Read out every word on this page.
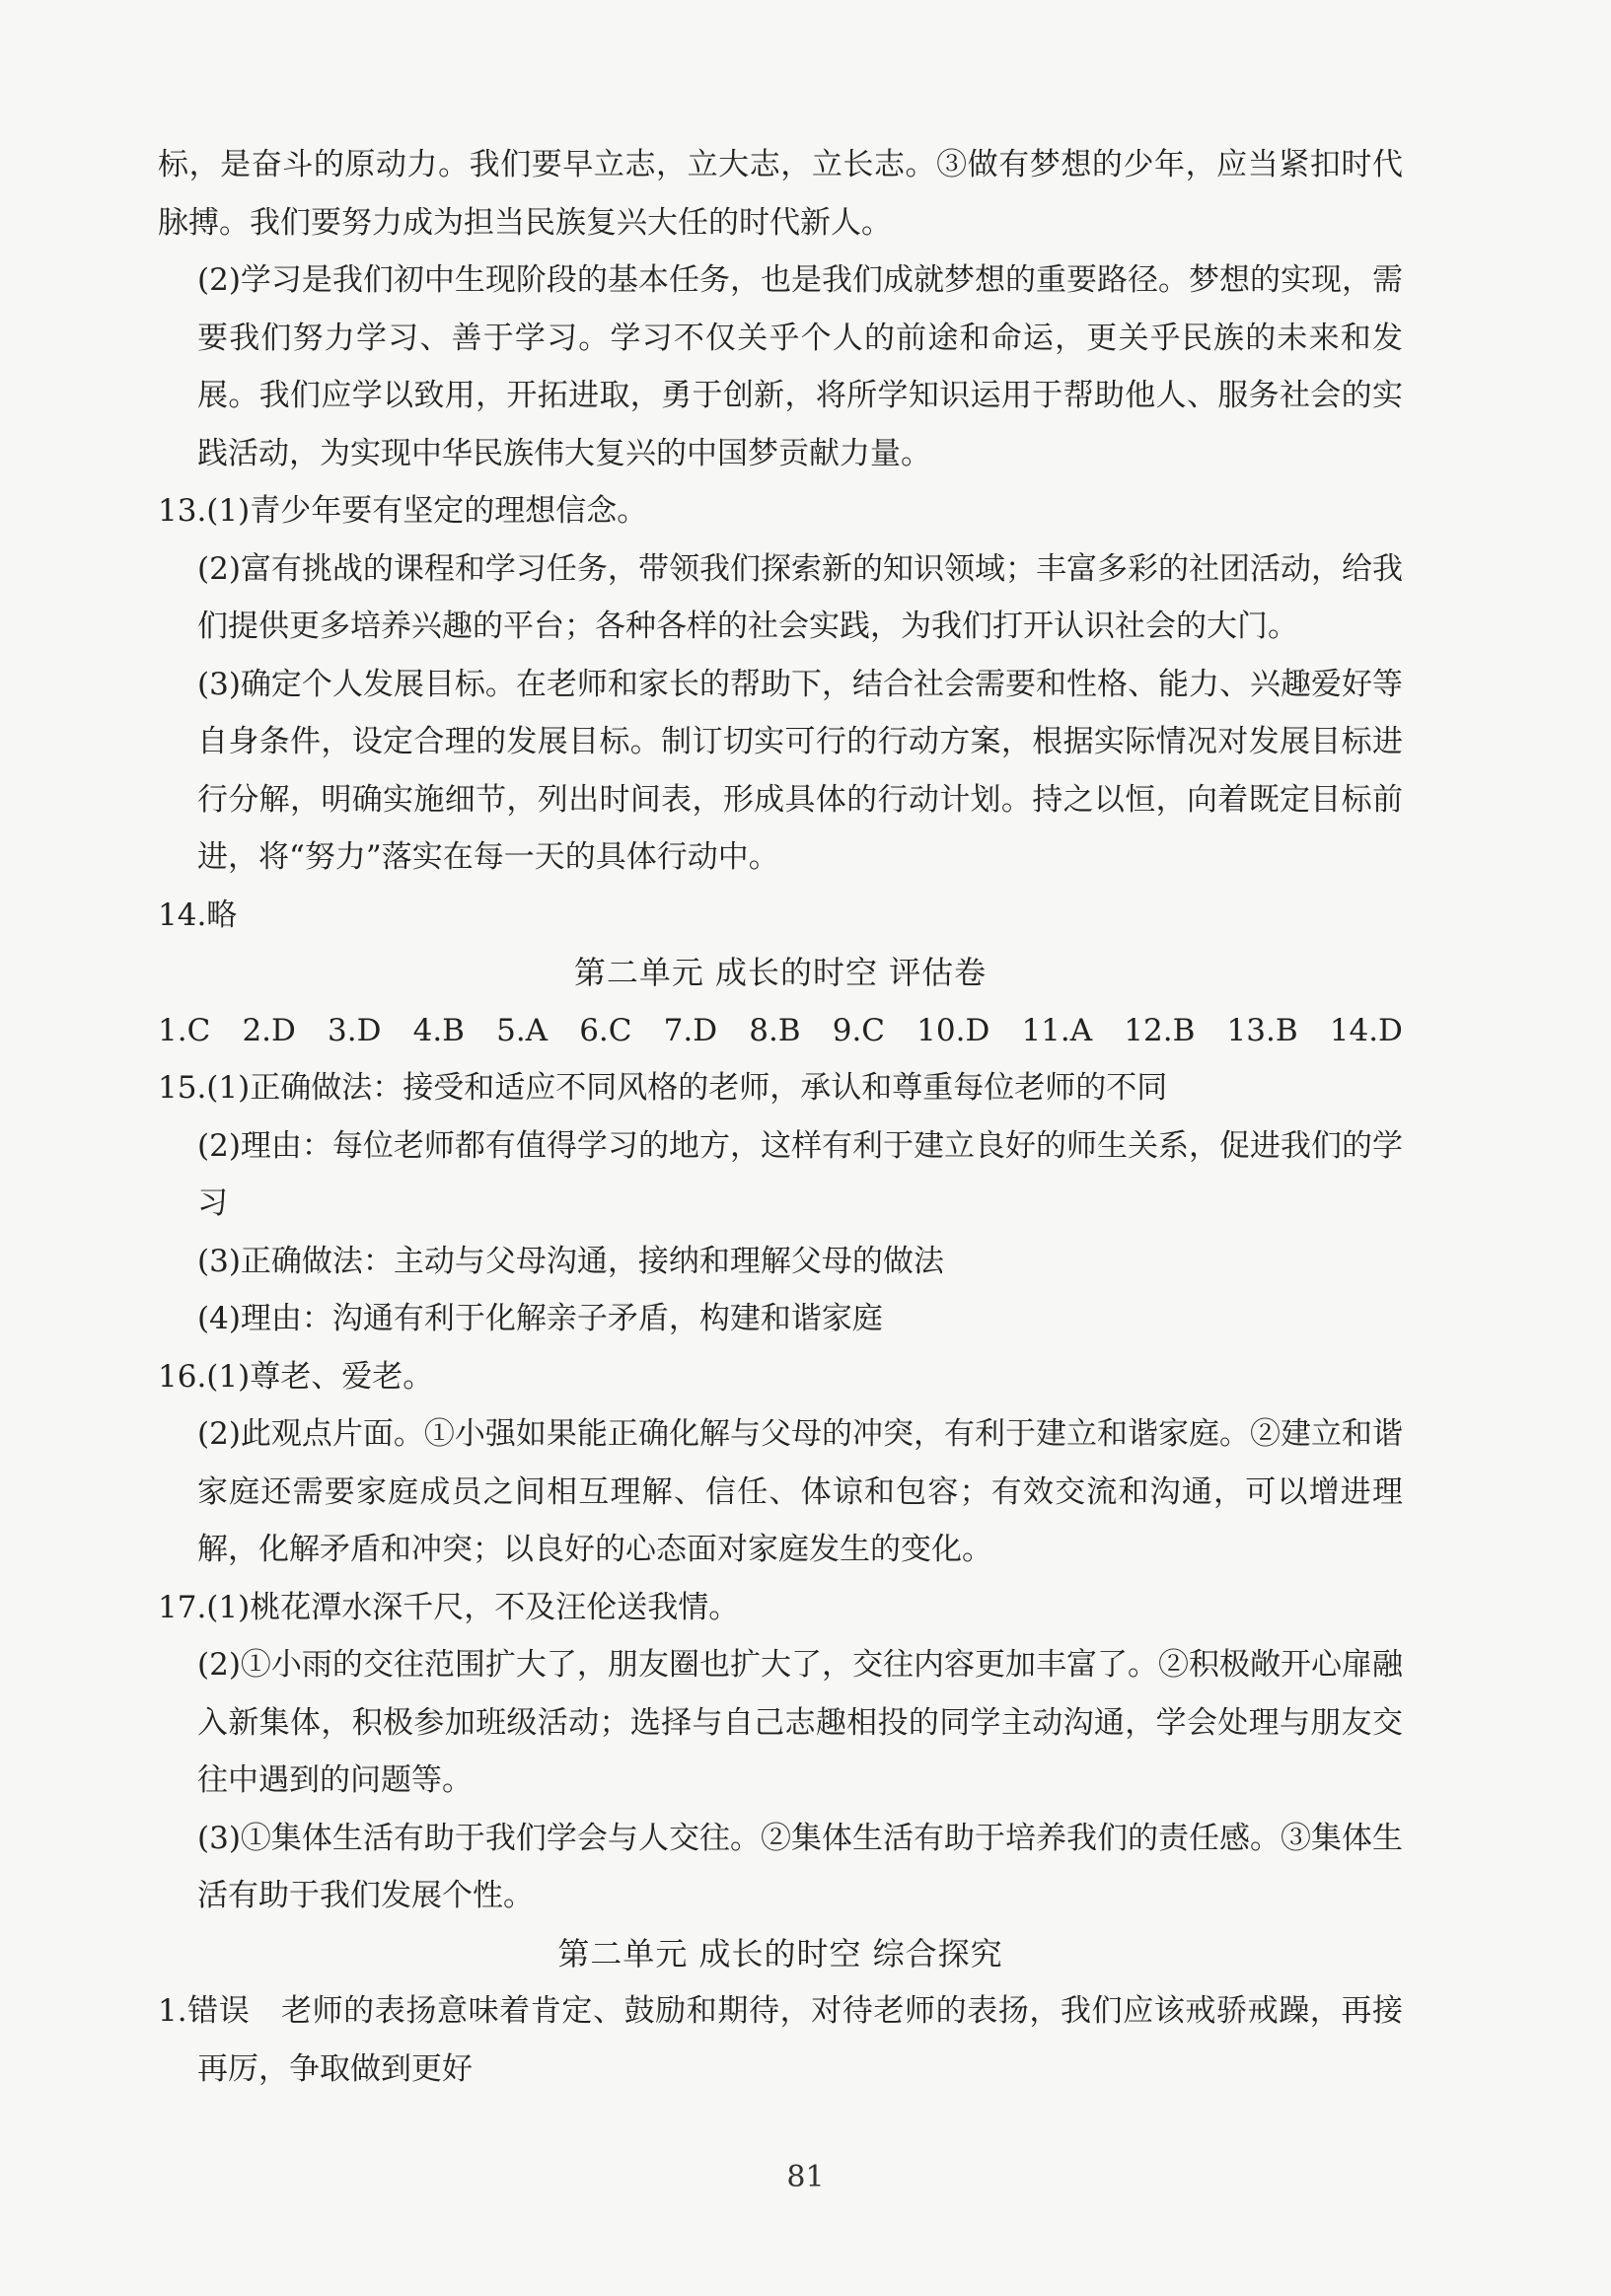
标，是奋斗的原动力。我们要早立志，立大志，立长志。③做有梦想的少年，应当紧扣时代脉搏。我们要努力成为担当民族复兴大任的时代新人。

(2)学习是我们初中生现阶段的基本任务，也是我们成就梦想的重要路径。梦想的实现，需要我们努力学习、善于学习。学习不仅关乎个人的前途和命运，更关乎民族的未来和发展。我们应学以致用，开拓进取，勇于创新，将所学知识运用于帮助他人、服务社会的实践活动，为实现中华民族伟大复兴的中国梦贡献力量。

13.(1)青少年要有坚定的理想信念。

(2)富有挑战的课程和学习任务，带领我们探索新的知识领域；丰富多彩的社团活动，给我们提供更多培养兴趣的平台；各种各样的社会实践，为我们打开认识社会的大门。

(3)确定个人发展目标。在老师和家长的帮助下，结合社会需要和性格、能力、兴趣爱好等自身条件，设定合理的发展目标。制订切实可行的行动方案，根据实际情况对发展目标进行分解，明确实施细节，列出时间表，形成具体的行动计划。持之以恒，向着既定目标前进，将“努力”落实在每一天的具体行动中。

14.略

第二单元 成长的时空 评估卷

1.C 2.D 3.D 4.B 5.A 6.C 7.D 8.B 9.C 10.D 11.A 12.B 13.B 14.D

15.(1)正确做法：接受和适应不同风格的老师，承认和尊重每位老师的不同

(2)理由：每位老师都有值得学习的地方，这样有利于建立良好的师生关系，促进我们的学习

(3)正确做法：主动与父母沟通，接纳和理解父母的做法

(4)理由：沟通有利于化解亲子矛盾，构建和谐家庭

16.(1)尊老、爱老。

(2)此观点片面。①小强如果能正确化解与父母的冲突，有利于建立和谐家庭。②建立和谐家庭还需要家庭成员之间相互理解、信任、体谅和包容；有效交流和沟通，可以增进理解，化解矛盾和冲突；以良好的心态面对家庭发生的变化。

17.(1)桃花潭水深千尺，不及汪伦送我情。

(2)①小雨的交往范围扩大了，朋友圈也扩大了，交往内容更加丰富了。②积极敞开心扉融入新集体，积极参加班级活动；选择与自己志趣相投的同学主动沟通，学会处理与朋友交往中遇到的问题等。

(3)①集体生活有助于我们学会与人交往。②集体生活有助于培养我们的责任感。③集体生活有助于我们发展个性。

第二单元 成长的时空 综合探究

1.错误　老师的表扬意味着肯定、鼓励和期待，对待老师的表扬，我们应该戒骄戒躁，再接再厉，争取做到更好

81
